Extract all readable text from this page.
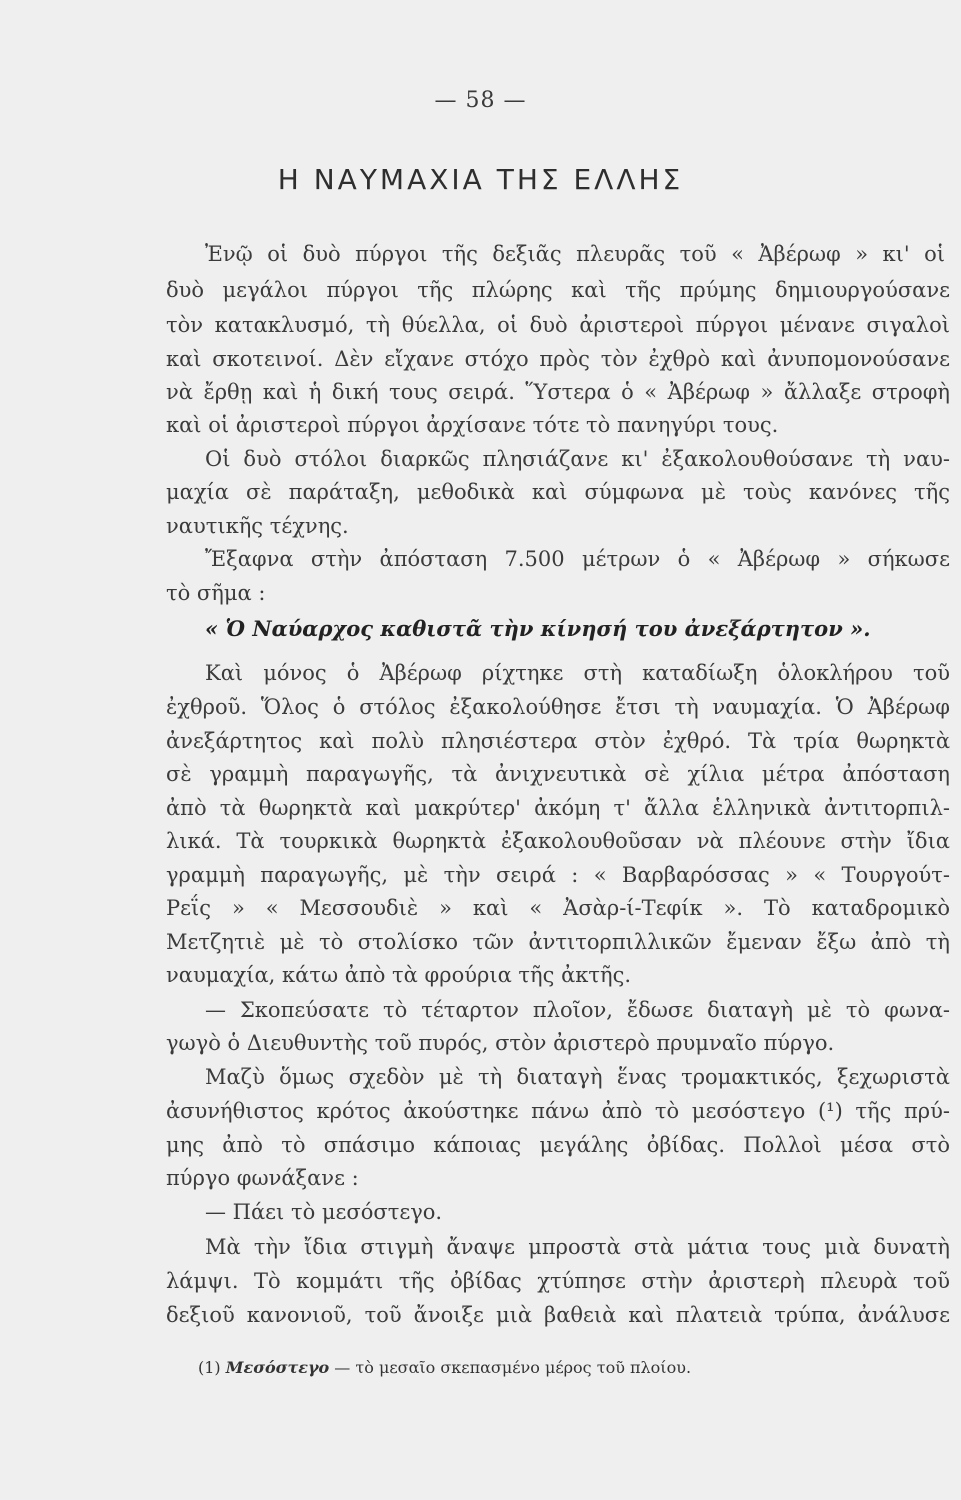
— 58 —
Η ΝΑΥΜΑΧΙΑ ΤΗΣ ΕΛΛΗΣ
Ἐνῷ οἱ δυὸ πύργοι τῆς δεξιᾶς πλευρᾶς τοῦ « Ἀβέρωφ » κι' οἱ
δυὸ μεγάλοι πύργοι τῆς πλώρης καὶ τῆς πρύμης δημιουργούσανε
τὸν κατακλυσμό, τὴ θύελλα, οἱ δυὸ ἀριστεροὶ πύργοι μένανε σιγαλοὶ
καὶ σκοτεινοί. Δὲν εἴχανε στόχο πρὸς τὸν ἐχθρὸ καὶ ἀνυπομονούσανε
νὰ ἔρθῃ καὶ ἡ δική τους σειρά. Ὕστερα ὁ « Ἀβέρωφ » ἄλλαξε στροφὴ
καὶ οἱ ἀριστεροὶ πύργοι ἀρχίσανε τότε τὸ πανηγύρι τους.
Οἱ δυὸ στόλοι διαρκῶς πλησιάζανε κι' ἐξακολουθούσανε τὴ ναυ-
μαχία σὲ παράταξη, μεθοδικὰ καὶ σύμφωνα μὲ τοὺς κανόνες τῆς
ναυτικῆς τέχνης.
Ἔξαφνα στὴν ἀπόσταση 7.500 μέτρων ὁ « Ἀβέρωφ » σήκωσε
τὸ σῆμα :
« Ὁ Ναύαρχος καθιστᾶ τὴν κίνησή του ἀνεξάρτητον ».
Καὶ μόνος ὁ Ἀβέρωφ ρίχτηκε στὴ καταδίωξη ὁλοκλήρου τοῦ
ἐχθροῦ. Ὅλος ὁ στόλος ἐξακολούθησε ἔτσι τὴ ναυμαχία. Ὁ Ἀβέρωφ
ἀνεξάρτητος καὶ πολὺ πλησιέστερα στὸν ἐχθρό. Τὰ τρία θωρηκτὰ
σὲ γραμμὴ παραγωγῆς, τὰ ἀνιχνευτικὰ σὲ χίλια μέτρα ἀπόσταση
ἀπὸ τὰ θωρηκτὰ καὶ μακρύτερ' ἀκόμη τ' ἄλλα ἑλληνικὰ ἀντιτορπιλ-
λικά. Τὰ τουρκικὰ θωρηκτὰ ἐξακολουθοῦσαν νὰ πλέουνε στὴν ἴδια
γραμμὴ παραγωγῆς, μὲ τὴν σειρά : « Βαρβαρόσσας » « Τουργούτ-
Ρεΐς » « Μεσσουδιὲ » καὶ « Ἀσὰρ-ί-Τεφίκ ». Τὸ καταδρομικὸ
Μετζητιὲ μὲ τὸ στολίσκο τῶν ἀντιτορπιλλικῶν ἔμεναν ἔξω ἀπὸ τὴ
ναυμαχία, κάτω ἀπὸ τὰ φρούρια τῆς ἀκτῆς.
— Σκοπεύσατε τὸ τέταρτον πλοῖον, ἔδωσε διαταγὴ μὲ τὸ φωνα-
γωγὸ ὁ Διευθυντὴς τοῦ πυρός, στὸν ἀριστερὸ πρυμναῖο πύργο.
Μαζὺ ὅμως σχεδὸν μὲ τὴ διαταγὴ ἕνας τρομακτικός, ξεχωριστὰ
ἀσυνήθιστος κρότος ἀκούστηκε πάνω ἀπὸ τὸ μεσόστεγο (¹) τῆς πρύ-
μης ἀπὸ τὸ σπάσιμο κάποιας μεγάλης ὀβίδας. Πολλοὶ μέσα στὸ
πύργο φωνάξανε :
— Πάει τὸ μεσόστεγο.
Μὰ τὴν ἴδια στιγμὴ ἄναψε μπροστὰ στὰ μάτια τους μιὰ δυνατὴ
λάμψι. Τὸ κομμάτι τῆς ὀβίδας χτύπησε στὴν ἀριστερὴ πλευρὰ τοῦ
δεξιοῦ κανονιοῦ, τοῦ ἄνοιξε μιὰ βαθειὰ καὶ πλατειὰ τρύπα, ἀνάλυσε
(1) Μεσόστεγο — τὸ μεσαῖο σκεπασμένο μέρος τοῦ πλοίου.
